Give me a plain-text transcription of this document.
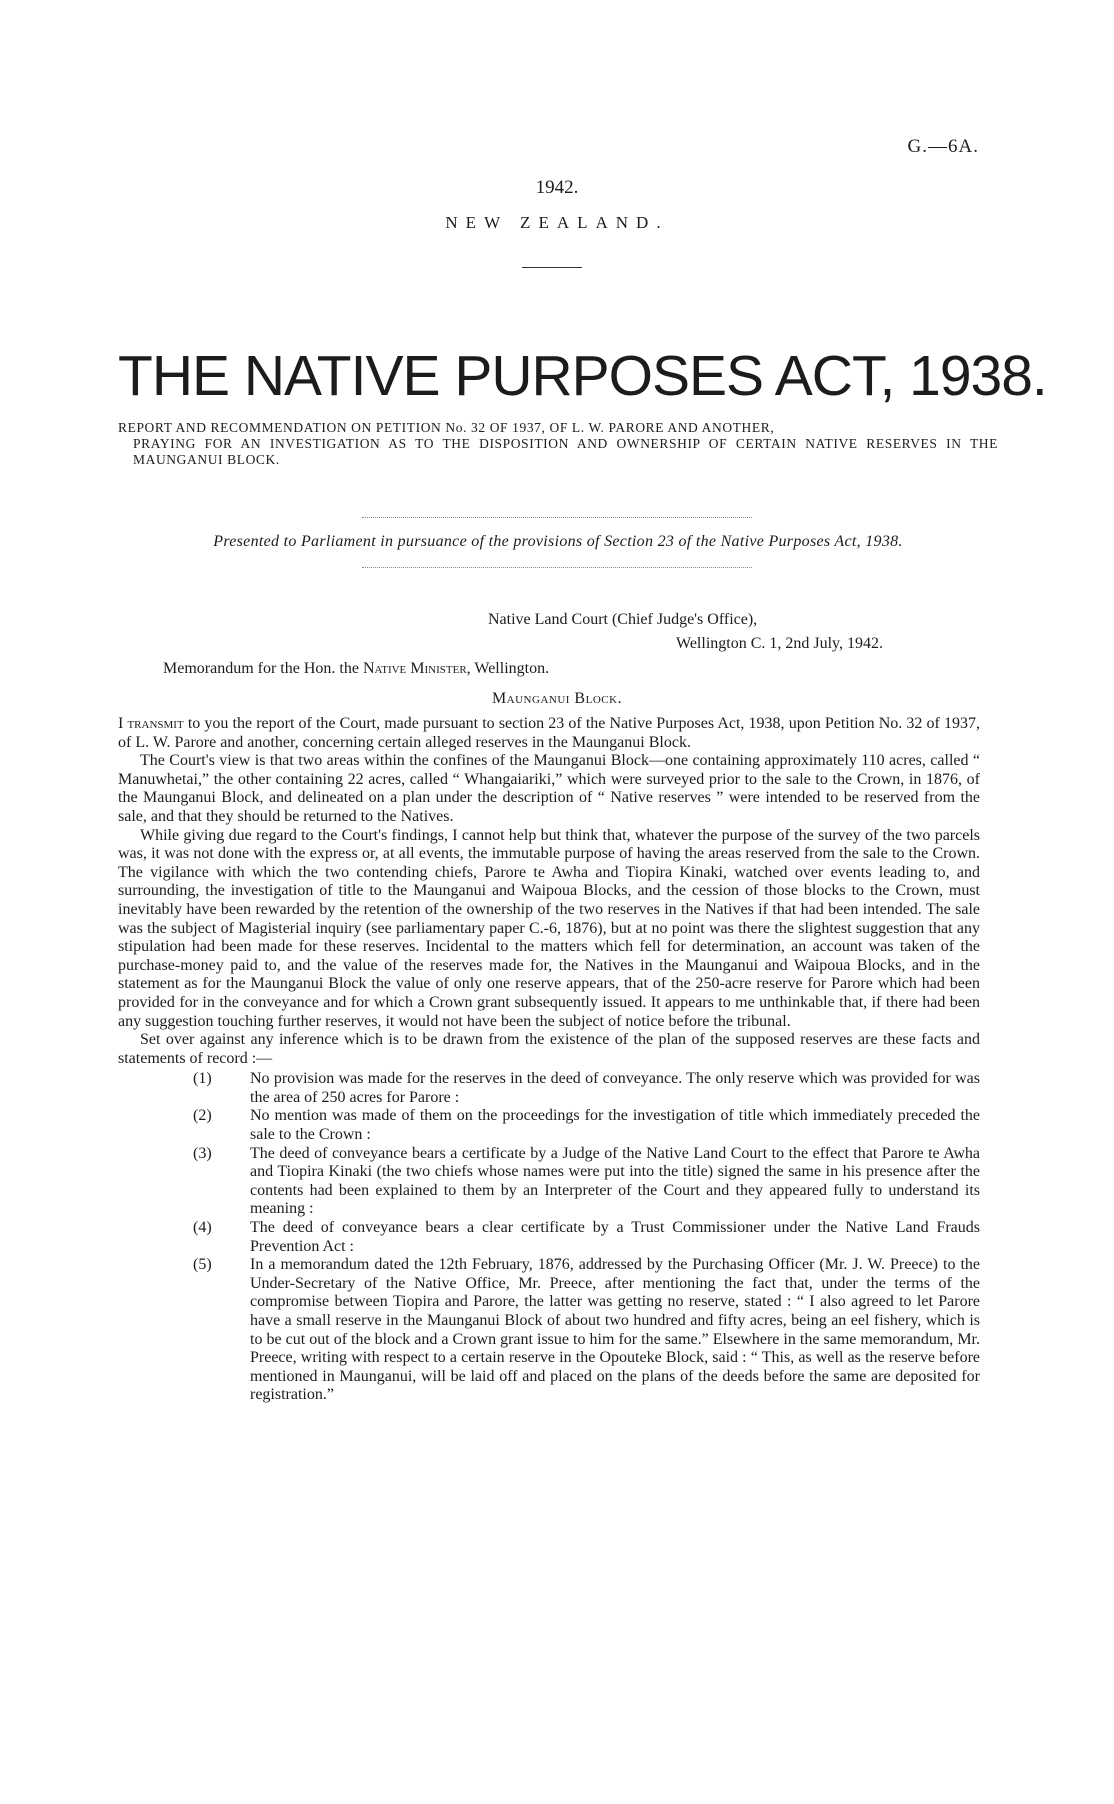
G.—6A.
1942.
NEW ZEALAND.
THE NATIVE PURPOSES ACT, 1938.
REPORT AND RECOMMENDATION ON PETITION No. 32 OF 1937, OF L. W. PARORE AND ANOTHER,
PRAYING FOR AN INVESTIGATION AS TO THE DISPOSITION AND OWNERSHIP OF CERTAIN NATIVE RESERVES IN THE MAUNGANUI BLOCK.
Presented to Parliament in pursuance of the provisions of Section 23 of the Native Purposes Act, 1938.
Native Land Court (Chief Judge's Office),
Wellington C. 1, 2nd July, 1942.
Memorandum for the Hon. the Native Minister, Wellington.
Maunganui Block.

I transmit to you the report of the Court, made pursuant to section 23 of the Native Purposes Act, 1938, upon Petition No. 32 of 1937, of L. W. Parore and another, concerning certain alleged reserves in the Maunganui Block.

The Court's view is that two areas within the confines of the Maunganui Block—one containing approximately 110 acres, called “ Manuwhetai,” the other containing 22 acres, called “ Whangaiariki,” which were surveyed prior to the sale to the Crown, in 1876, of the Maunganui Block, and delineated on a plan under the description of “ Native reserves ” were intended to be reserved from the sale, and that they should be returned to the Natives.

While giving due regard to the Court's findings, I cannot help but think that, whatever the purpose of the survey of the two parcels was, it was not done with the express or, at all events, the immutable purpose of having the areas reserved from the sale to the Crown. The vigilance with which the two contending chiefs, Parore te Awha and Tiopira Kinaki, watched over events leading to, and surrounding, the investigation of title to the Maunganui and Waipoua Blocks, and the cession of those blocks to the Crown, must inevitably have been rewarded by the retention of the ownership of the two reserves in the Natives if that had been intended. The sale was the subject of Magisterial inquiry (see parliamentary paper C.-6, 1876), but at no point was there the slightest suggestion that any stipulation had been made for these reserves. Incidental to the matters which fell for determination, an account was taken of the purchase-money paid to, and the value of the reserves made for, the Natives in the Maunganui and Waipoua Blocks, and in the statement as for the Maunganui Block the value of only one reserve appears, that of the 250-acre reserve for Parore which had been provided for in the conveyance and for which a Crown grant subsequently issued. It appears to me unthinkable that, if there had been any suggestion touching further reserves, it would not have been the subject of notice before the tribunal.

Set over against any inference which is to be drawn from the existence of the plan of the supposed reserves are these facts and statements of record :—

(1) No provision was made for the reserves in the deed of conveyance. The only reserve which was provided for was the area of 250 acres for Parore :
(2) No mention was made of them on the proceedings for the investigation of title which immediately preceded the sale to the Crown :
(3) The deed of conveyance bears a certificate by a Judge of the Native Land Court to the effect that Parore te Awha and Tiopira Kinaki (the two chiefs whose names were put into the title) signed the same in his presence after the contents had been explained to them by an Interpreter of the Court and they appeared fully to understand its meaning :
(4) The deed of conveyance bears a clear certificate by a Trust Commissioner under the Native Land Frauds Prevention Act :
(5) In a memorandum dated the 12th February, 1876, addressed by the Purchasing Officer (Mr. J. W. Preece) to the Under-Secretary of the Native Office, Mr. Preece, after mentioning the fact that, under the terms of the compromise between Tiopira and Parore, the latter was getting no reserve, stated : “ I also agreed to let Parore have a small reserve in the Maunganui Block of about two hundred and fifty acres, being an eel fishery, which is to be cut out of the block and a Crown grant issue to him for the same.” Elsewhere in the same memorandum, Mr. Preece, writing with respect to a certain reserve in the Opouteke Block, said : “ This, as well as the reserve before mentioned in Maunganui, will be laid off and placed on the plans of the deeds before the same are deposited for registration.”
